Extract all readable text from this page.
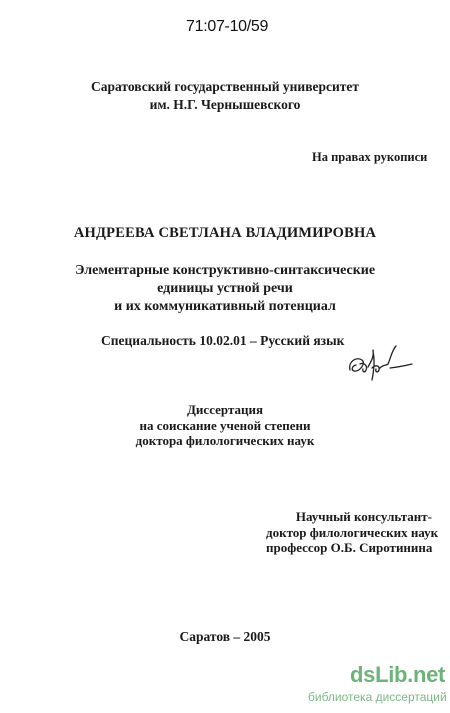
71:07-10/59
Саратовский государственный университет
им. Н.Г. Чернышевского
На правах рукописи
АНДРЕЕВА СВЕТЛАНА ВЛАДИМИРОВНА
Элементарные конструктивно-синтаксические
единицы устной речи
и их коммуникативный потенциал
Специальность 10.02.01 – Русский язык
Диссертация
на соискание ученой степени
доктора филологических наук
Научный консультант-
доктор филологических наук
профессор О.Б. Сиротинина
Саратов – 2005
dsLib.net
библиотека диссертаций
